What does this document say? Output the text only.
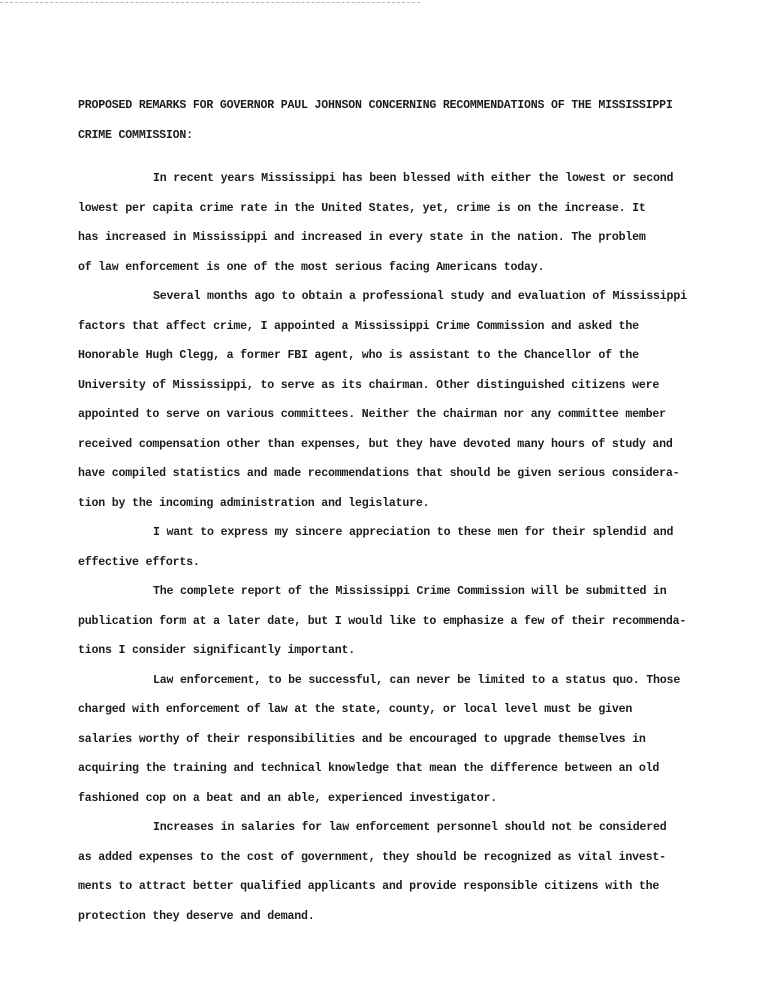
PROPOSED REMARKS FOR GOVERNOR PAUL JOHNSON CONCERNING RECOMMENDATIONS OF THE MISSISSIPPI
CRIME COMMISSION:

In recent years Mississippi has been blessed with either the lowest or second
lowest per capita crime rate in the United States, yet, crime is on the increase. It
has increased in Mississippi and increased in every state in the nation. The problem
of law enforcement is one of the most serious facing Americans today.

Several months ago to obtain a professional study and evaluation of Mississippi
factors that affect crime, I appointed a Mississippi Crime Commission and asked the
Honorable Hugh Clegg, a former FBI agent, who is assistant to the Chancellor of the
University of Mississippi, to serve as its chairman. Other distinguished citizens were
appointed to serve on various committees. Neither the chairman nor any committee member
received compensation other than expenses, but they have devoted many hours of study and
have compiled statistics and made recommendations that should be given serious considera-
tion by the incoming administration and legislature.

I want to express my sincere appreciation to these men for their splendid and
effective efforts.

The complete report of the Mississippi Crime Commission will be submitted in
publication form at a later date, but I would like to emphasize a few of their recommenda-
tions I consider significantly important.

Law enforcement, to be successful, can never be limited to a status quo. Those
charged with enforcement of law at the state, county, or local level must be given
salaries worthy of their responsibilities and be encouraged to upgrade themselves in
acquiring the training and technical knowledge that mean the difference between an old
fashioned cop on a beat and an able, experienced investigator.

Increases in salaries for law enforcement personnel should not be considered
as added expenses to the cost of government, they should be recognized as vital invest-
ments to attract better qualified applicants and provide responsible citizens with the
protection they deserve and demand.
